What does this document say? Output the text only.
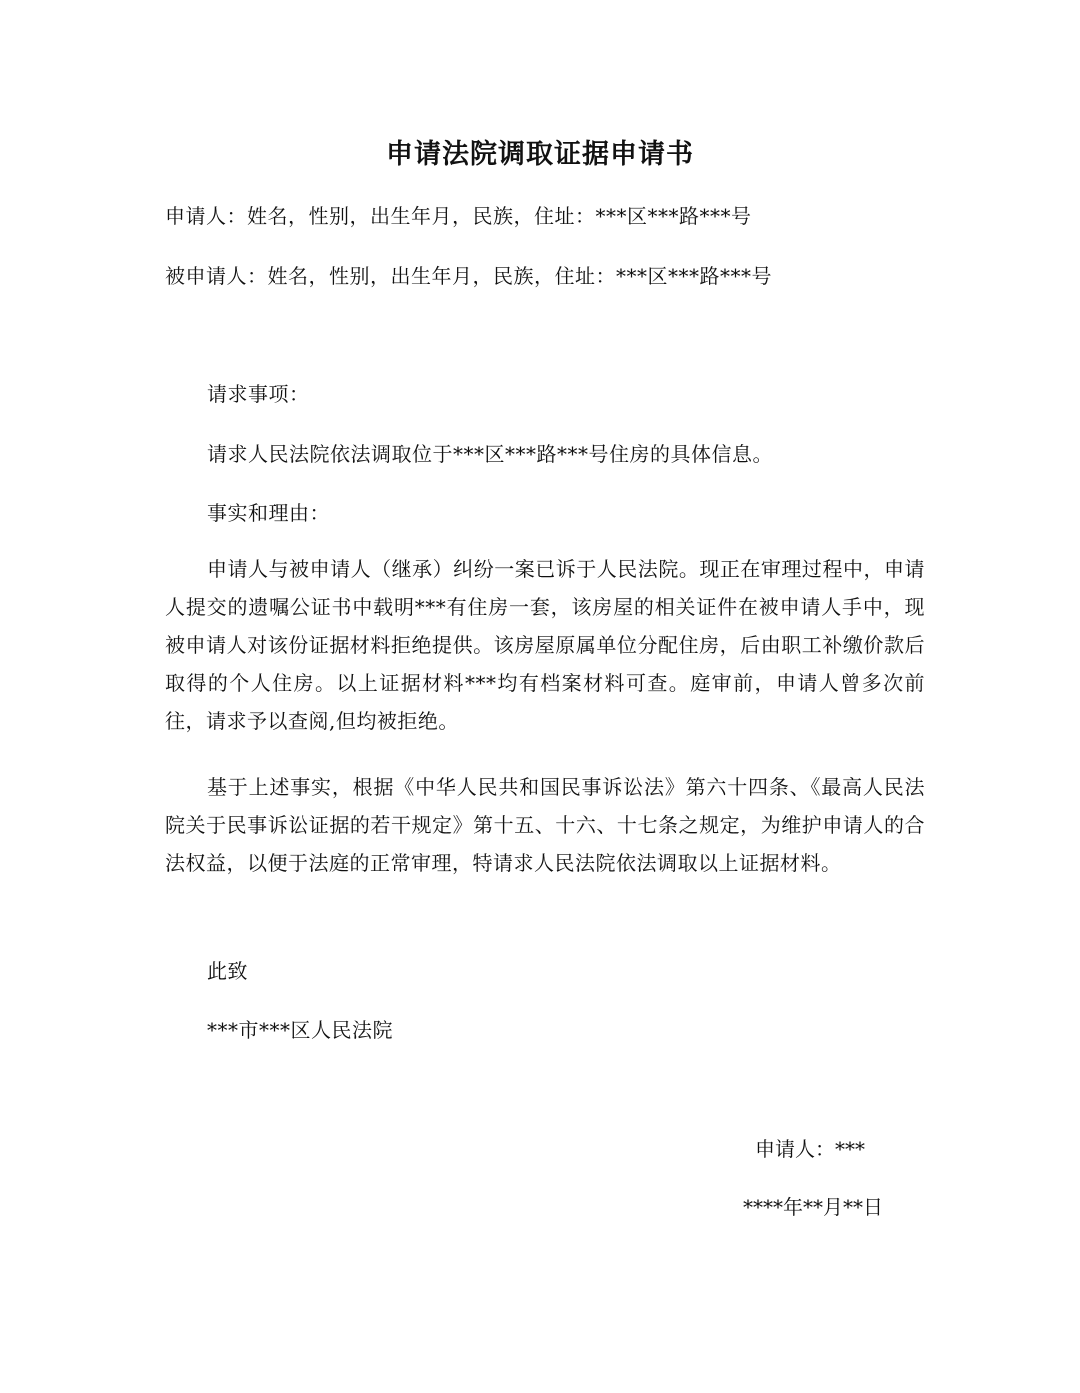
申请法院调取证据申请书
申请人：姓名，性别，出生年月，民族，住址：***区***路***号
被申请人：姓名，性别，出生年月，民族，住址：***区***路***号
请求事项：
请求人民法院依法调取位于***区***路***号住房的具体信息。
事实和理由：
申请人与被申请人（继承）纠纷一案已诉于人民法院。现正在审理过程中，申请人提交的遗嘱公证书中载明***有住房一套，该房屋的相关证件在被申请人手中，现被申请人对该份证据材料拒绝提供。该房屋原属单位分配住房，后由职工补缴价款后取得的个人住房。以上证据材料***均有档案材料可查。庭审前，申请人曾多次前往，请求予以查阅,但均被拒绝。
基于上述事实，根据《中华人民共和国民事诉讼法》第六十四条、《最高人民法院关于民事诉讼证据的若干规定》第十五、十六、十七条之规定，为维护申请人的合法权益，以便于法庭的正常审理，特请求人民法院依法调取以上证据材料。
此致
***市***区人民法院
申请人：***
****年**月**日
